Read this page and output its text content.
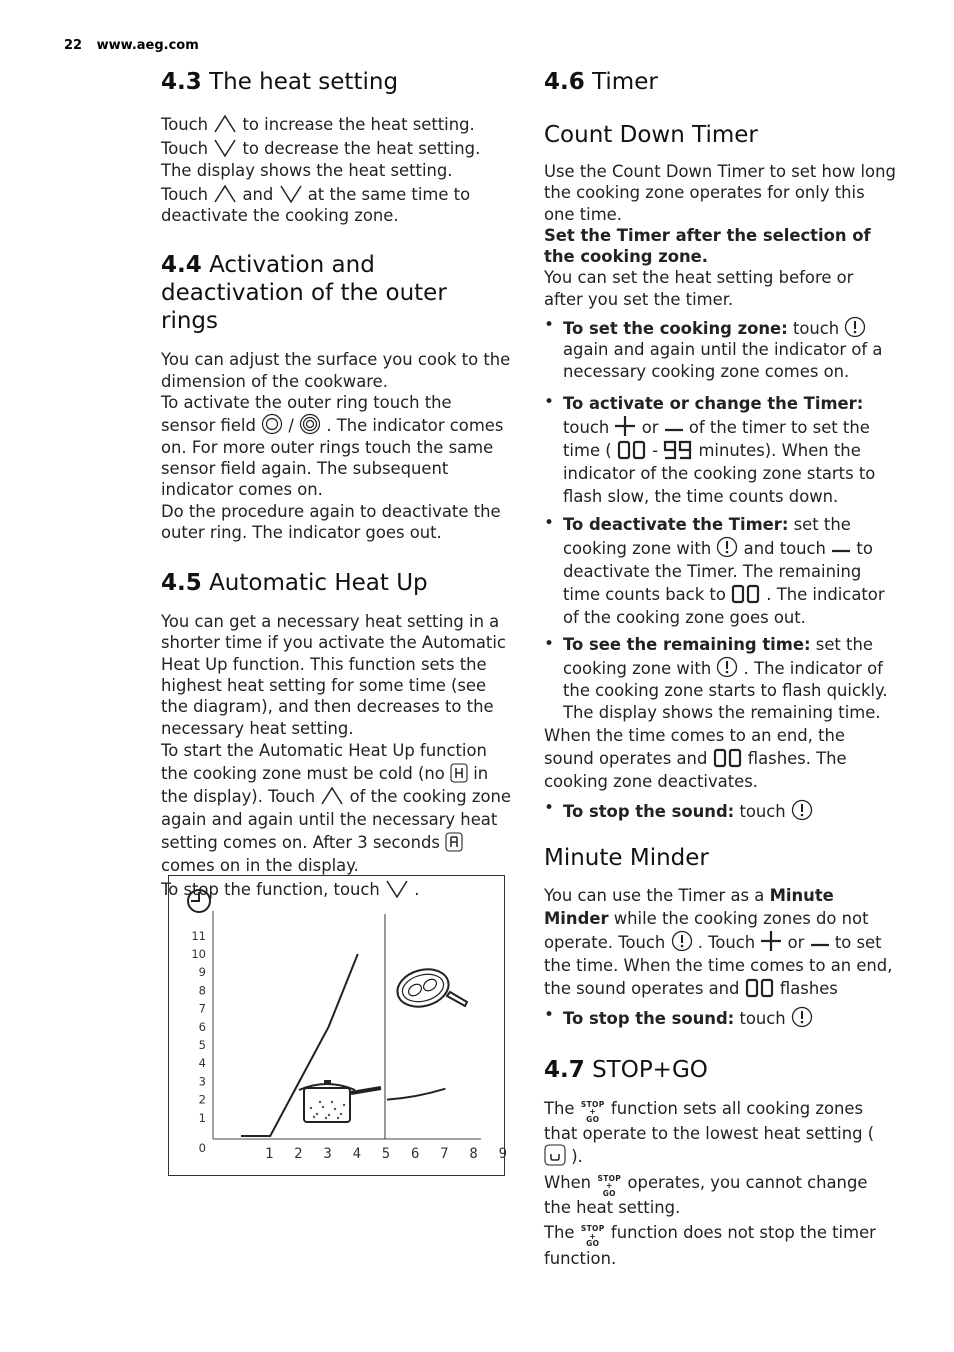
22 www.aeg.com
4.3 The heat setting

Touch to increase the heat setting.

Touch to decrease the heat setting.

The display shows the heat setting.

Touch and at the same time to deactivate the cooking zone.

4.4 Activation and deactivation of the outer rings

You can adjust the surface you cook to the dimension of the cookware.

To activate the outer ring touch the sensor field / . The indicator comes on. For more outer rings touch the same sensor field again. The subsequent indicator comes on.

Do the procedure again to deactivate the outer ring. The indicator goes out.

4.5 Automatic Heat Up

You can get a necessary heat setting in a shorter time if you activate the Automatic Heat Up function. This function sets the highest heat setting for some time (see the diagram), and then decreases to the necessary heat setting.

To start the Automatic Heat Up function the cooking zone must be cold (no in the display). Touch of the cooking zone again and again until the necessary heat setting comes on. After 3 seconds  comes on in the display.

To stop the function, touch .

0
1
2
3
4
5
6
7
8
9
10
11
1 2 3 4 5 6 7 8 9
4.6 Timer
Count Down Timer

Use the Count Down Timer to set how long the cooking zone operates for only this one time.

Set the Timer after the selection of the cooking zone.

You can set the heat setting before or after you set the timer.

• To set the cooking zone: touch  again and again until the indicator of a necessary cooking zone comes on.
• To activate or change the Timer: touch or of the timer to set the time ( - minutes). When the indicator of the cooking zone starts to flash slow, the time counts down.
• To deactivate the Timer: set the cooking zone with and touch to deactivate the Timer. The remaining time counts back to . The indicator of the cooking zone goes out.
• To see the remaining time: set the cooking zone with . The indicator of the cooking zone starts to flash quickly. The display shows the remaining time.

When the time comes to an end, the sound operates and flashes. The cooking zone deactivates.

• To stop the sound: touch
Minute Minder

You can use the Timer as a Minute Minder while the cooking zones do not operate. Touch . Touch or to set the time. When the time comes to an end, the sound operates and flashes

• To stop the sound: touch
4.7 STOP+GO

The STOP
+
GO function sets all cooking zones that operate to the lowest heat setting (  ).

When STOP
+
GO operates, you cannot change the heat setting.

The STOP
+
GO function does not stop the timer function.
